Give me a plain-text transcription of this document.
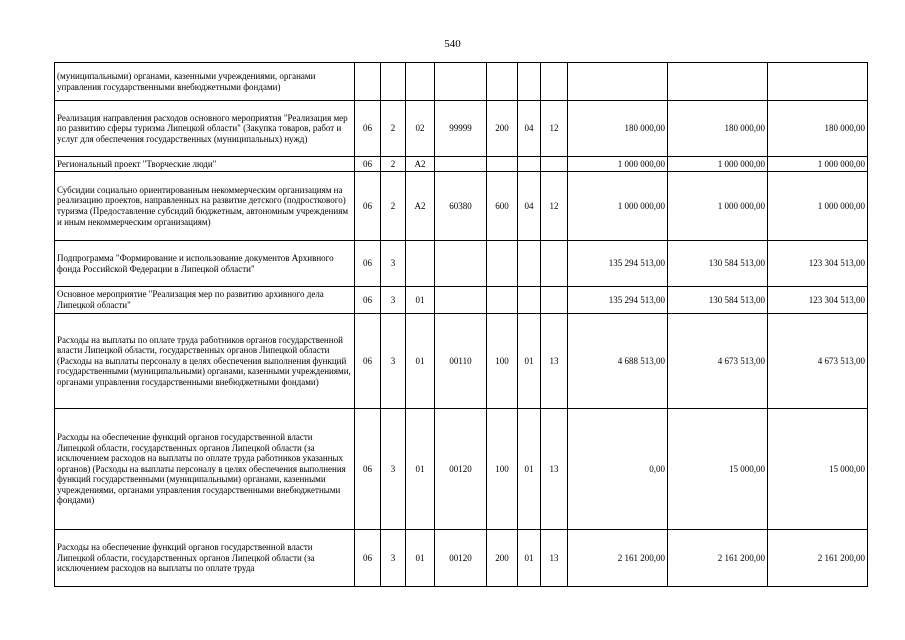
540
(муниципальными) органами, казенными учреждениями, органами управления государственными внебюджетными фондами)										
Реализация направления расходов основного мероприятия "Реализация мер по развитию сферы туризма Липецкой области" (Закупка товаров, работ и услуг для обеспечения государственных (муниципальных) нужд)	06	2	02	99999	200	04	12	180 000,00	180 000,00	180 000,00
Региональный проект "Творческие люди"	06	2	A2					1 000 000,00	1 000 000,00	1 000 000,00
Субсидии социально ориентированным некоммерческим организациям на реализацию проектов, направленных на развитие детского (подросткового) туризма (Предоставление субсидий бюджетным, автономным учреждениям и иным некоммерческим организациям)	06	2	A2	60380	600	04	12	1 000 000,00	1 000 000,00	1 000 000,00
Подпрограмма "Формирование и использование документов Архивного фонда Российской Федерации в Липецкой области"	06	3						135 294 513,00	130 584 513,00	123 304 513,00
Основное мероприятие "Реализация мер по развитию архивного дела Липецкой области"	06	3	01					135 294 513,00	130 584 513,00	123 304 513,00
Расходы на выплаты по оплате труда работников органов государственной власти Липецкой области, государственных органов Липецкой области (Расходы на выплаты персоналу в целях обеспечения выполнения функций государственными (муниципальными) органами, казенными учреждениями, органами управления государственными внебюджетными фондами)	06	3	01	00110	100	01	13	4 688 513,00	4 673 513,00	4 673 513,00
Расходы на обеспечение функций органов государственной власти Липецкой области, государственных органов Липецкой области (за исключением расходов на выплаты по оплате труда работников указанных органов) (Расходы на выплаты персоналу в целях обеспечения выполнения функций государственными (муниципальными) органами, казенными учреждениями, органами управления государственными внебюджетными фондами)	06	3	01	00120	100	01	13	0,00	15 000,00	15 000,00
Расходы на обеспечение функций органов государственной власти Липецкой области, государственных органов Липецкой области (за исключением расходов на выплаты по оплате труда	06	3	01	00120	200	01	13	2 161 200,00	2 161 200,00	2 161 200,00
